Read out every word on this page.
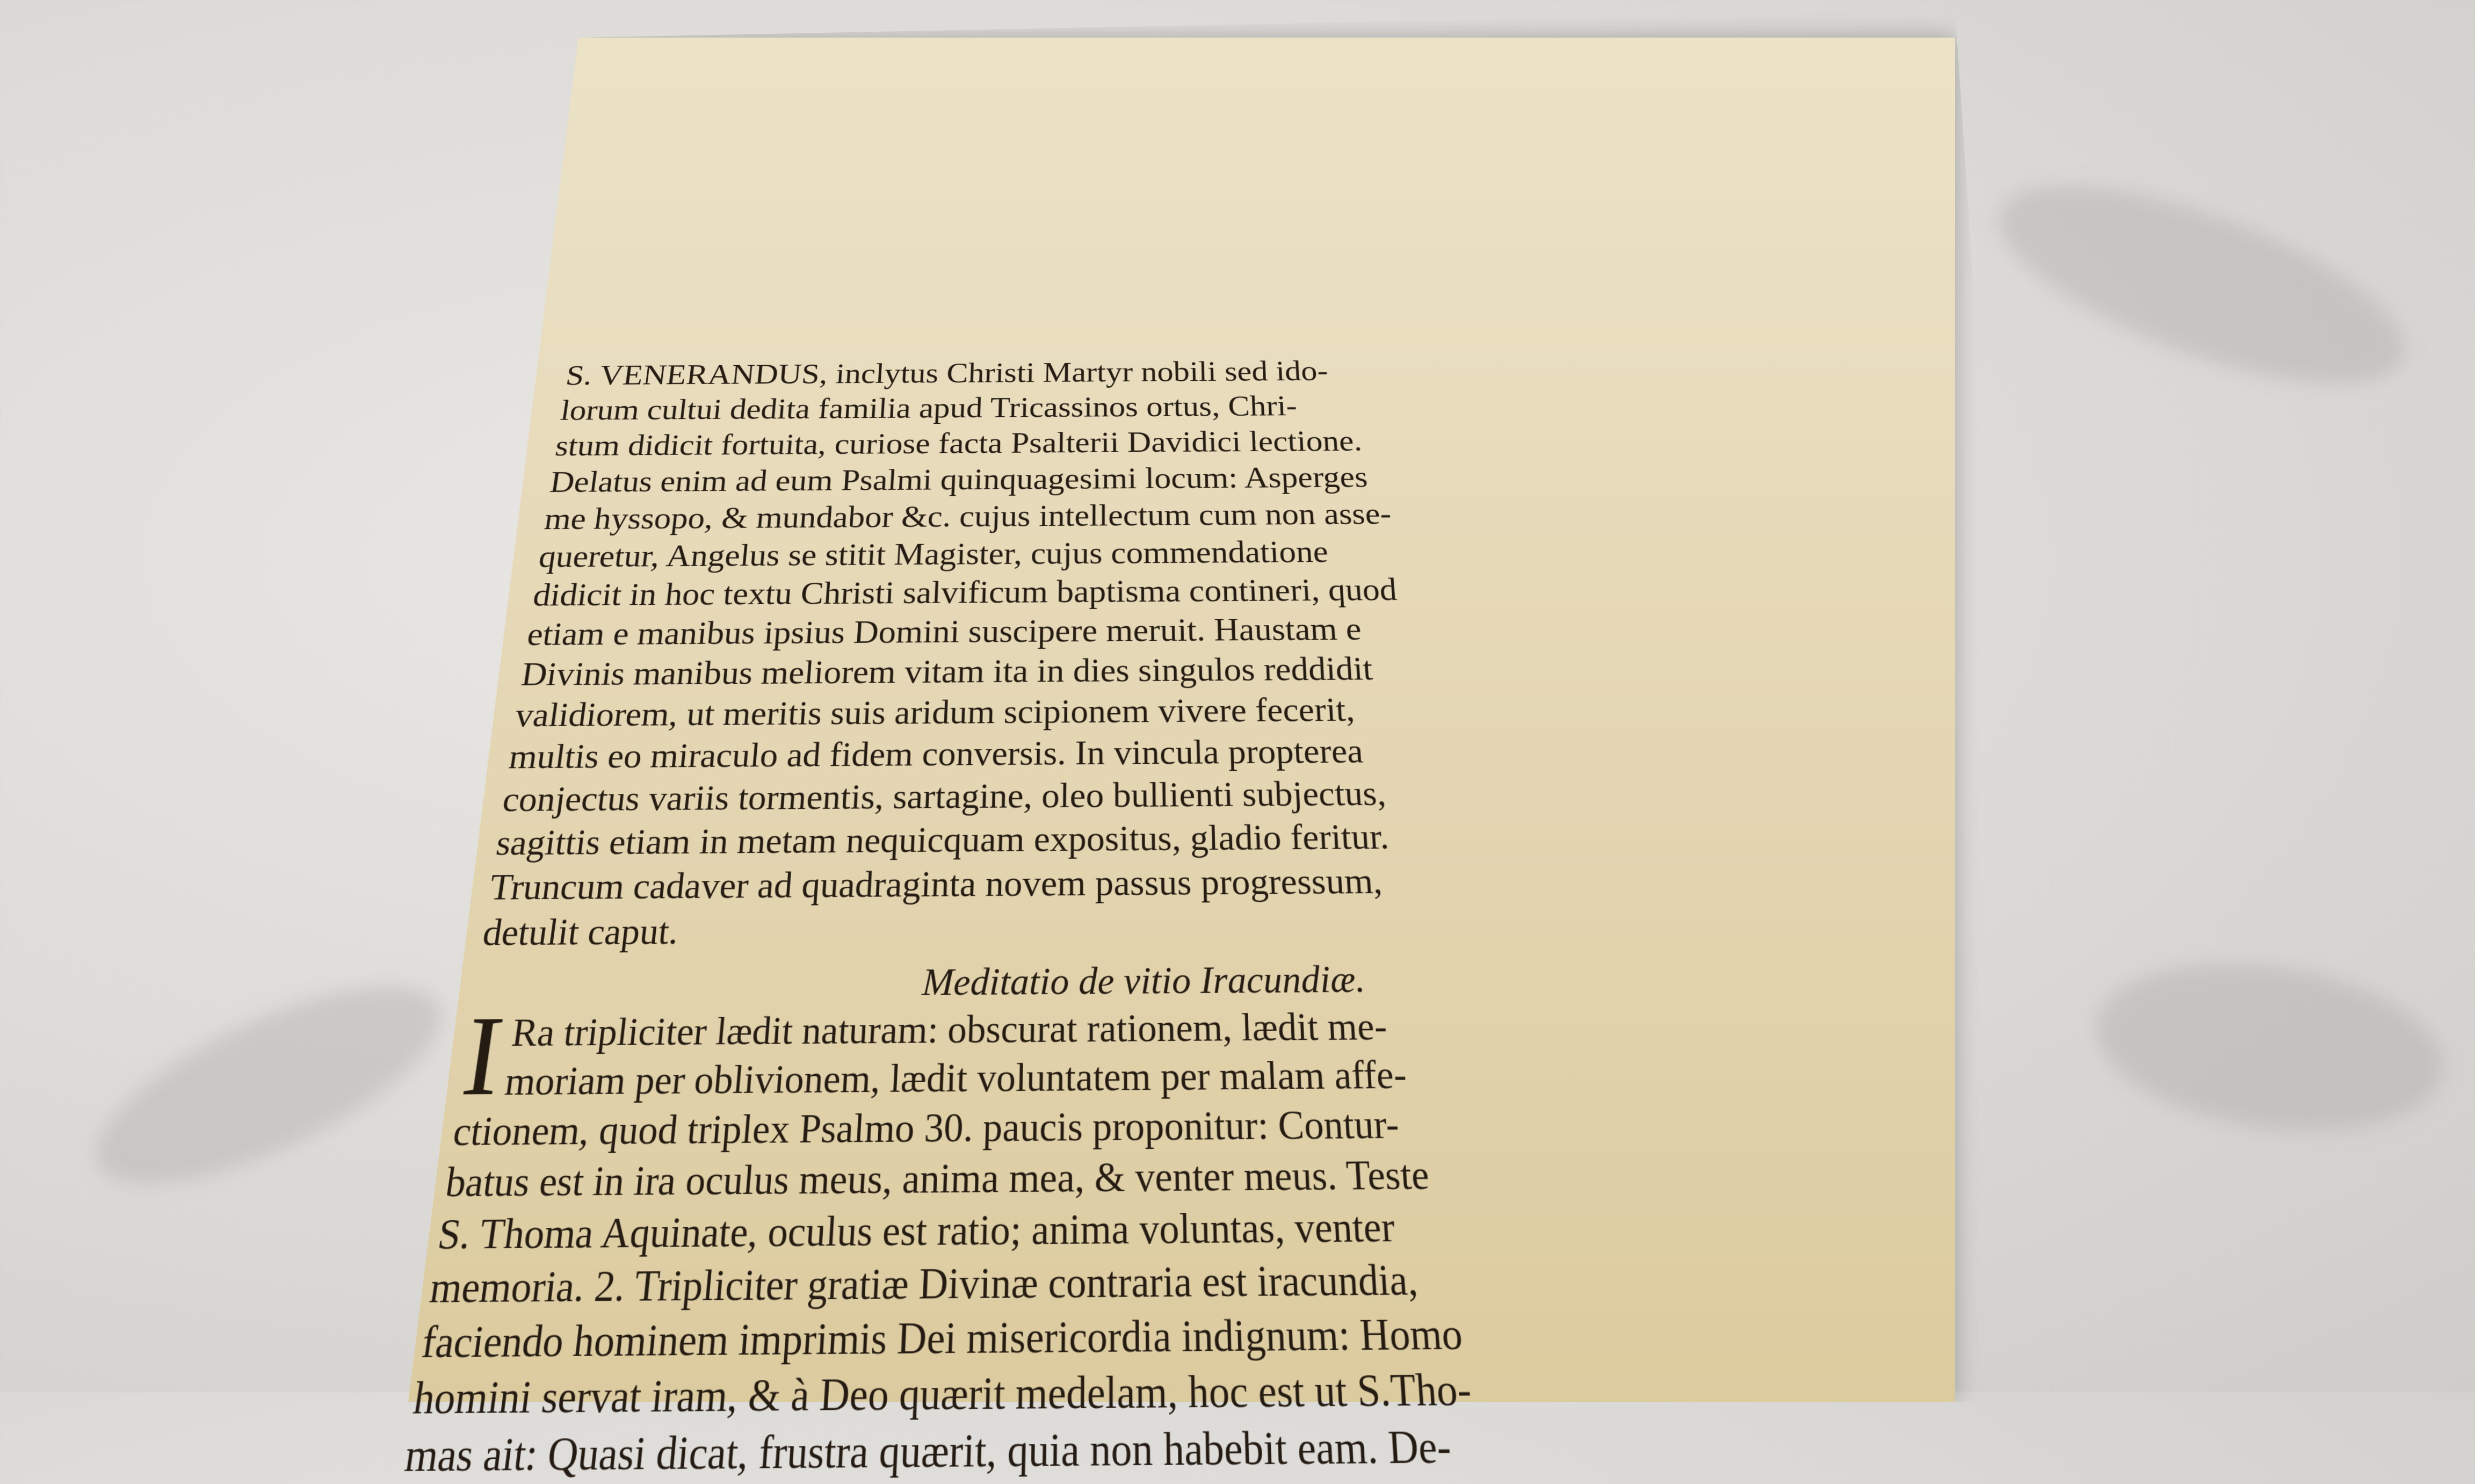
S. VENERANDUS, inclytus Christi Martyr nobili sed ido-
lorum cultui dedita familia apud Tricassinos ortus, Chri-
stum didicit fortuita, curiose facta Psalterii Davidici lectione.
Delatus enim ad eum Psalmi quinquagesimi locum: Asperges
me hyssopo, & mundabor &c. cujus intellectum cum non asse-
queretur, Angelus se stitit Magister, cujus commendatione
didicit in hoc textu Christi salvificum baptisma contineri, quod
etiam e manibus ipsius Domini suscipere meruit. Haustam e
Divinis manibus meliorem vitam ita in dies singulos reddidit
validiorem, ut meritis suis aridum scipionem vivere fecerit,
multis eo miraculo ad fidem conversis. In vincula propterea
conjectus variis tormentis, sartagine, oleo bullienti subjectus,
sagittis etiam in metam nequicquam expositus, gladio feritur.
Truncum cadaver ad quadraginta novem passus progressum,
detulit caput.
Meditatio de vitio Iracundiæ.
I
Ra tripliciter lædit naturam: obscurat rationem, lædit me-
moriam per oblivionem, lædit voluntatem per malam affe-
ctionem, quod triplex Psalmo 30. paucis proponitur: Contur-
batus est in ira oculus meus, anima mea, & venter meus. Teste
S. Thoma Aquinate, oculus est ratio; anima voluntas, venter
memoria. 2. Tripliciter gratiæ Divinæ contraria est iracundia,
faciendo hominem imprimis Dei misericordia indignum: Homo
homini servat iram, & à Deo quærit medelam, hoc est ut S.Tho-
mas ait: Quasi dicat, frustra quærit, quia non habebit eam. De-
